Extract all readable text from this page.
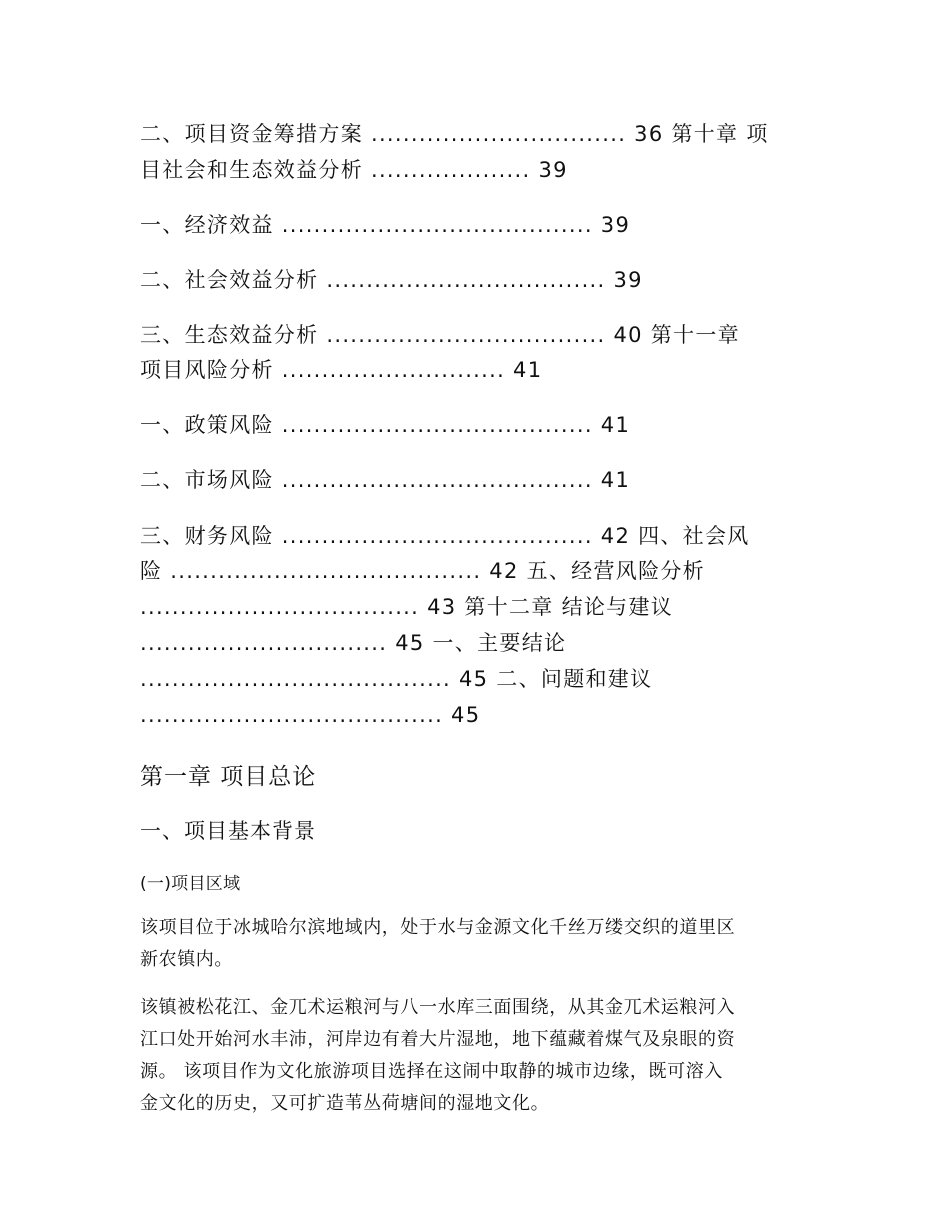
二、项目资金筹措方案 ................................ 36 第十章 项
目社会和生态效益分析 .................... 39
一、经济效益 ....................................... 39
二、社会效益分析 ................................... 39
三、生态效益分析 ................................... 40 第十一章
项目风险分析 ............................ 41
一、政策风险 ....................................... 41
二、市场风险 ....................................... 41
三、财务风险 ....................................... 42 四、社会风
险 ....................................... 42 五、经营风险分析
................................... 43 第十二章 结论与建议
............................... 45 一、主要结论
....................................... 45 二、问题和建议
...................................... 45
第一章 项目总论
一、项目基本背景
(一)项目区域
该项目位于冰城哈尔滨地域内，处于水与金源文化千丝万缕交织的道里区
新农镇内。
该镇被松花江、金兀术运粮河与八一水库三面围绕，从其金兀术运粮河入
江口处开始河水丰沛，河岸边有着大片湿地，地下蕴藏着煤气及泉眼的资
源。 该项目作为文化旅游项目选择在这闹中取静的城市边缘，既可溶入
金文化的历史，又可扩造苇丛荷塘间的湿地文化。
